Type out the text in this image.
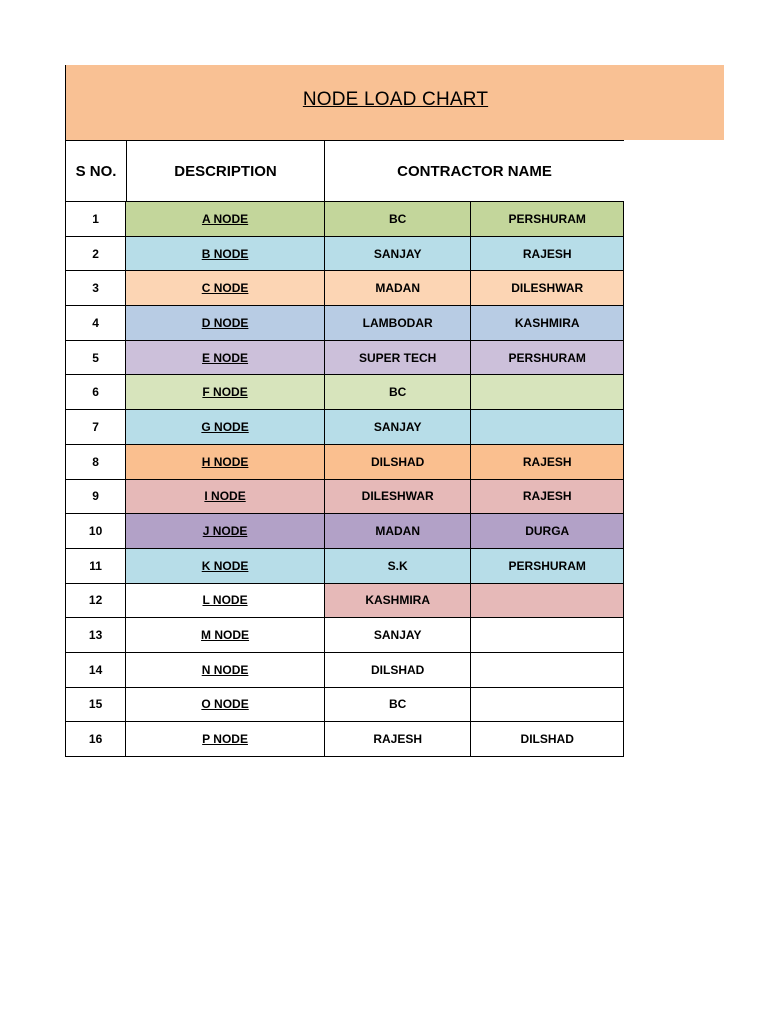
NODE LOAD CHART
S NO.	DESCRIPTION	CONTRACTOR NAME
1	A NODE	BC	PERSHURAM
2	B NODE	SANJAY	RAJESH
3	C NODE	MADAN	DILESHWAR
4	D NODE	LAMBODAR	KASHMIRA
5	E NODE	SUPER TECH	PERSHURAM
6	F NODE	BC	
7	G NODE	SANJAY	
8	H NODE	DILSHAD	RAJESH
9	I NODE	DILESHWAR	RAJESH
10	J NODE	MADAN	DURGA
11	K NODE	S.K	PERSHURAM
12	L NODE	KASHMIRA	
13	M NODE	SANJAY	
14	N NODE	DILSHAD	
15	O NODE	BC	
16	P NODE	RAJESH	DILSHAD
